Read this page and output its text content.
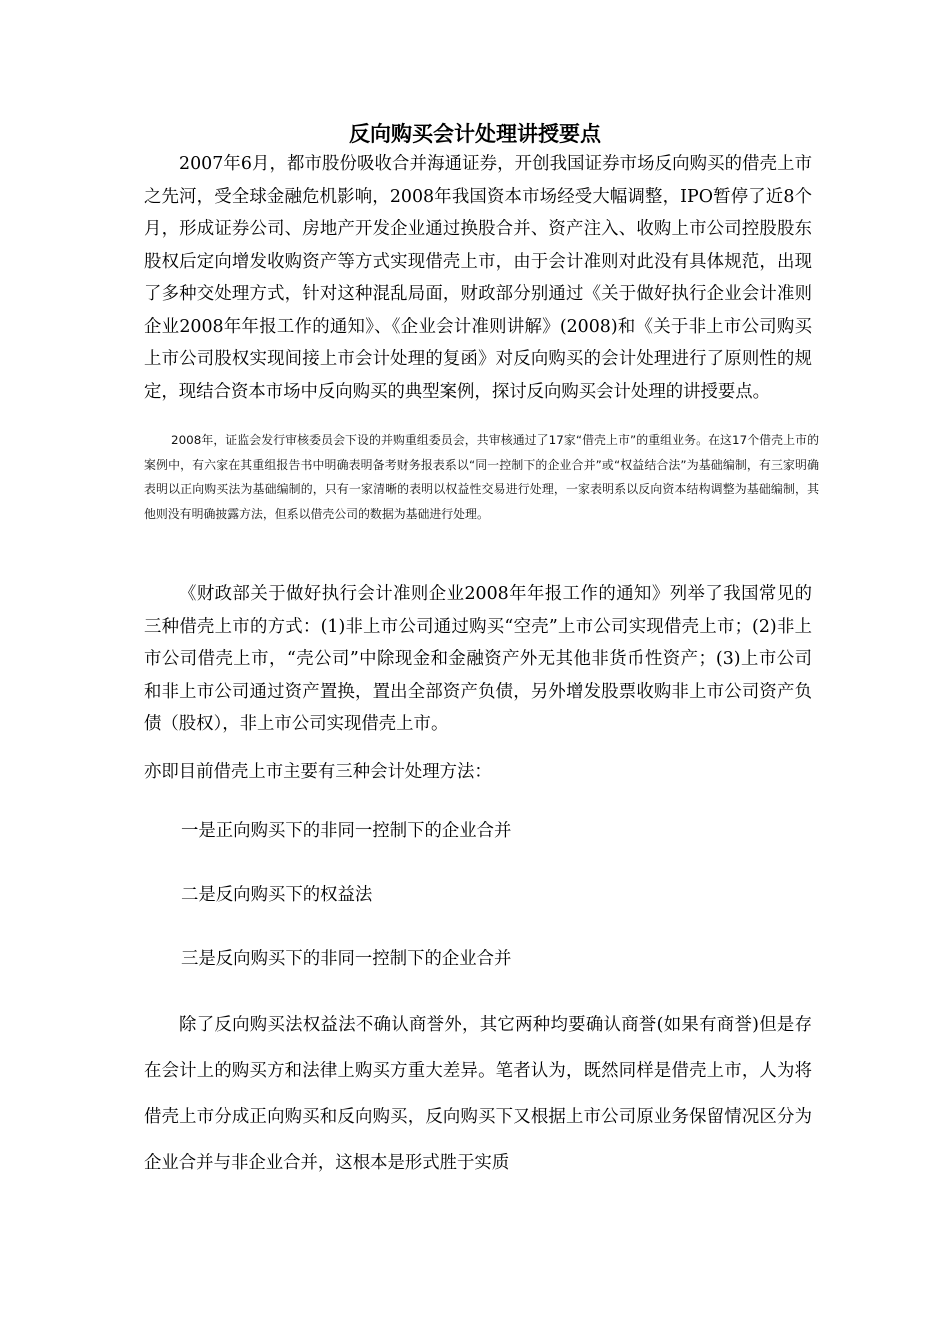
反向购买会计处理讲授要点

2007年6月，都市股份吸收合并海通证券，开创我国证券市场反向购买的借壳上市之先河，受全球金融危机影响，2008年我国资本市场经受大幅调整，IPO暂停了近8个月，形成证券公司、房地产开发企业通过换股合并、资产注入、收购上市公司控股股东股权后定向增发收购资产等方式实现借壳上市，由于会计准则对此没有具体规范，出现了多种交处理方式，针对这种混乱局面，财政部分别通过《关于做好执行企业会计准则企业2008年年报工作的通知》、《企业会计准则讲解》(2008)和《关于非上市公司购买上市公司股权实现间接上市会计处理的复函》对反向购买的会计处理进行了原则性的规定，现结合资本市场中反向购买的典型案例，探讨反向购买会计处理的讲授要点。

2008年，证监会发行审核委员会下设的并购重组委员会，共审核通过了17家“借壳上市”的重组业务。在这17个借壳上市的案例中，有六家在其重组报告书中明确表明备考财务报表系以“同一控制下的企业合并”或“权益结合法”为基础编制，有三家明确表明以正向购买法为基础编制的，只有一家清晰的表明以权益性交易进行处理，一家表明系以反向资本结构调整为基础编制，其他则没有明确披露方法，但系以借壳公司的数据为基础进行处理。

《财政部关于做好执行会计准则企业2008年年报工作的通知》列举了我国常见的三种借壳上市的方式：(1)非上市公司通过购买“空壳”上市公司实现借壳上市；(2)非上市公司借壳上市，“壳公司”中除现金和金融资产外无其他非货币性资产；(3)上市公司和非上市公司通过资产置换，置出全部资产负债，另外增发股票收购非上市公司资产负债（股权），非上市公司实现借壳上市。

亦即目前借壳上市主要有三种会计处理方法：

一是正向购买下的非同一控制下的企业合并

二是反向购买下的权益法

三是反向购买下的非同一控制下的企业合并

除了反向购买法权益法不确认商誉外，其它两种均要确认商誉(如果有商誉)但是存在会计上的购买方和法律上购买方重大差异。笔者认为，既然同样是借壳上市，人为将借壳上市分成正向购买和反向购买，反向购买下又根据上市公司原业务保留情况区分为企业合并与非企业合并，这根本是形式胜于实质
